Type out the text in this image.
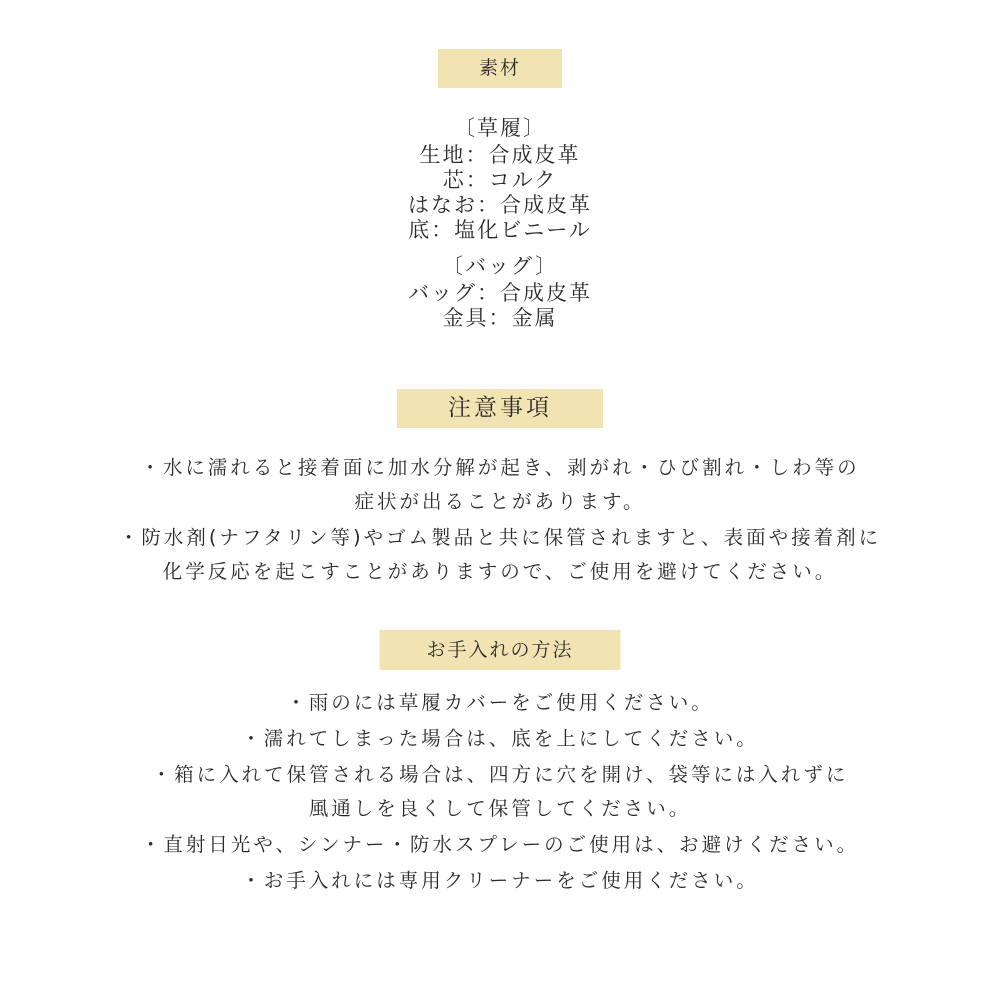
素材
〔草履〕
生地：合成皮革
芯：コルク
はなお：合成皮革
底：塩化ビニール
〔バッグ〕
バッグ：合成皮革
金具：金属
注意事項
・水に濡れると接着面に加水分解が起き、剥がれ・ひび割れ・しわ等の
症状が出ることがあります。
・防水剤(ナフタリン等)やゴム製品と共に保管されますと、表面や接着剤に
化学反応を起こすことがありますので、ご使用を避けてください。
お手入れの方法
・雨のには草履カバーをご使用ください。
・濡れてしまった場合は、底を上にしてください。
・箱に入れて保管される場合は、四方に穴を開け、袋等には入れずに
風通しを良くして保管してください。
・直射日光や、シンナー・防水スプレーのご使用は、お避けください。
・お手入れには専用クリーナーをご使用ください。
